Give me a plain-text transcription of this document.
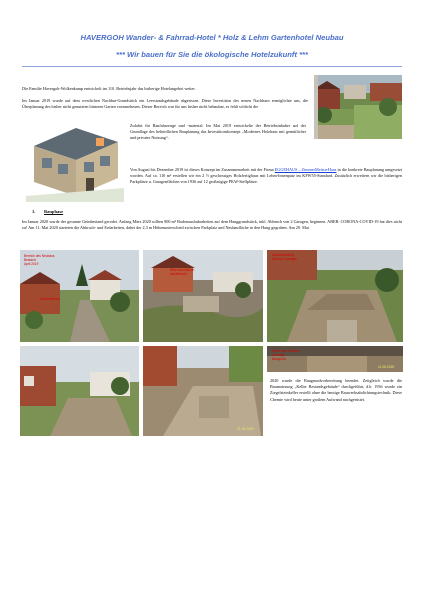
HAVERGOH Wander- & Fahrrad-Hotel * Holz & Lehm Gartenhotel Neubau
*** Wir bauen für Sie die ökologische Hotelzukunft ***
Die Familie Havergoh-Wolkenkamp entwickelt im 110. Betriebsjahr das bisherige Hotelangebot weiter.
Im Januar 2019 wurde auf dem westlichen Nachbar-Grundstück ein Leerstandsgebäude abgerissen. Diese Investition des neuen Nachbarn ermöglichte uns, die Überplanung des bisher nicht genutzten hinteren Garten vorzunehmen. Dieser Bereich war für uns bisher nicht bebaubar, es fehlt schlicht die
Zufahrt für Baufahrzeuge und -material. Im Mai 2019 entwickelte der Betriebsinhaber auf der Grundlage des behördlichen Bauplanung das Investitionskonzept „Modernes Holzhaus mit gemütlicher und privater Nutzung“.
Von August bis Dezember 2019 ist dieses Konzept im Zusammenarbeit mit der Firma EGGEHAUS – ZimmerMeisterHaus in die konkrete Bauplanung umgesetzt worden. Auf ca. 110 m² erstellen wir ein 2 ½ geschossiges Holzfertighaus mit Lehm-Innenputz im KFW55-Standard. Zusätzlich erweitern wir die bisherigen Parkplätze u. Garagenflächen von 1936 auf 12 großzügige PKW-Stellplätze.
1. Bauphase
Im Januar 2020 wurde der gesamte Grünbestand gerodet. Anfang März 2020 sollten 900 m³ Bodenaushubarbeiten auf dem Hanggrundstück, inkl. Abbruch von 2 Garagen, beginnen. ABER: CORONA-COVID-19 hat dies nicht zu! Am 11. Mai 2020 starteten die Abbruch- und Erdarbeiten, dabei der 2,3 m Höhenunterschied zwischen Parkplatz und Neubaufläche in den Hang gegraben. Am 29. Mai
Bereich des Neubaus
Bestand
April 2019
Gartenbereich
Blick vom Balkon
auf Abbruch
Ausschachtung
Abbruch Garagen
21.05.2020
Keller alter Zustand
Drainage
Baugrund
11.05.2020
2020 wurde die Baugrundvorbereitung beendet. Zeitgleich wurde die Baumaterung „Keller Bestandsgebäude“ durchgeführt, d.h. 1936 wurde ein Ziegelsteinkeller erstellt ohne die heutige Bauwerksabdichtungstechnik. Diese Chemie wird heute unter großem Aufwand nachgerüstet.
